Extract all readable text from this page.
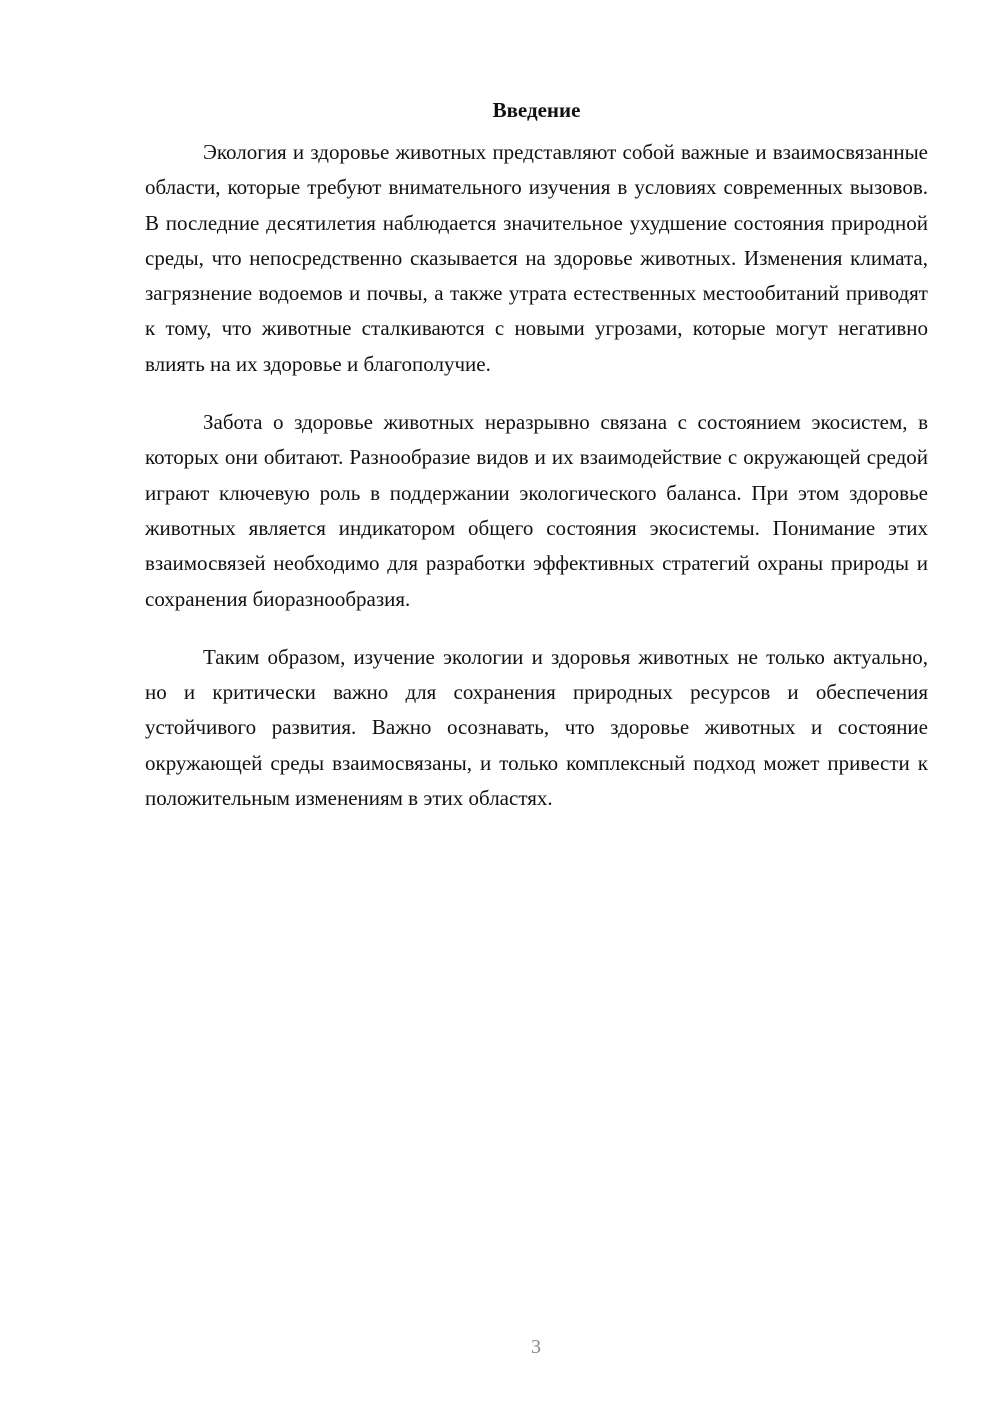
Введение

Экология и здоровье животных представляют собой важные и взаимосвязанные области, которые требуют внимательного изучения в условиях современных вызовов. В последние десятилетия наблюдается значительное ухудшение состояния природной среды, что непосредственно сказывается на здоровье животных. Изменения климата, загрязнение водоемов и почвы, а также утрата естественных местообитаний приводят к тому, что животные сталкиваются с новыми угрозами, которые могут негативно влиять на их здоровье и благополучие.

Забота о здоровье животных неразрывно связана с состоянием экосистем, в которых они обитают. Разнообразие видов и их взаимодействие с окружающей средой играют ключевую роль в поддержании экологического баланса. При этом здоровье животных является индикатором общего состояния экосистемы. Понимание этих взаимосвязей необходимо для разработки эффективных стратегий охраны природы и сохранения биоразнообразия.

Таким образом, изучение экологии и здоровья животных не только актуально, но и критически важно для сохранения природных ресурсов и обеспечения устойчивого развития. Важно осознавать, что здоровье животных и состояние окружающей среды взаимосвязаны, и только комплексный подход может привести к положительным изменениям в этих областях.

3
